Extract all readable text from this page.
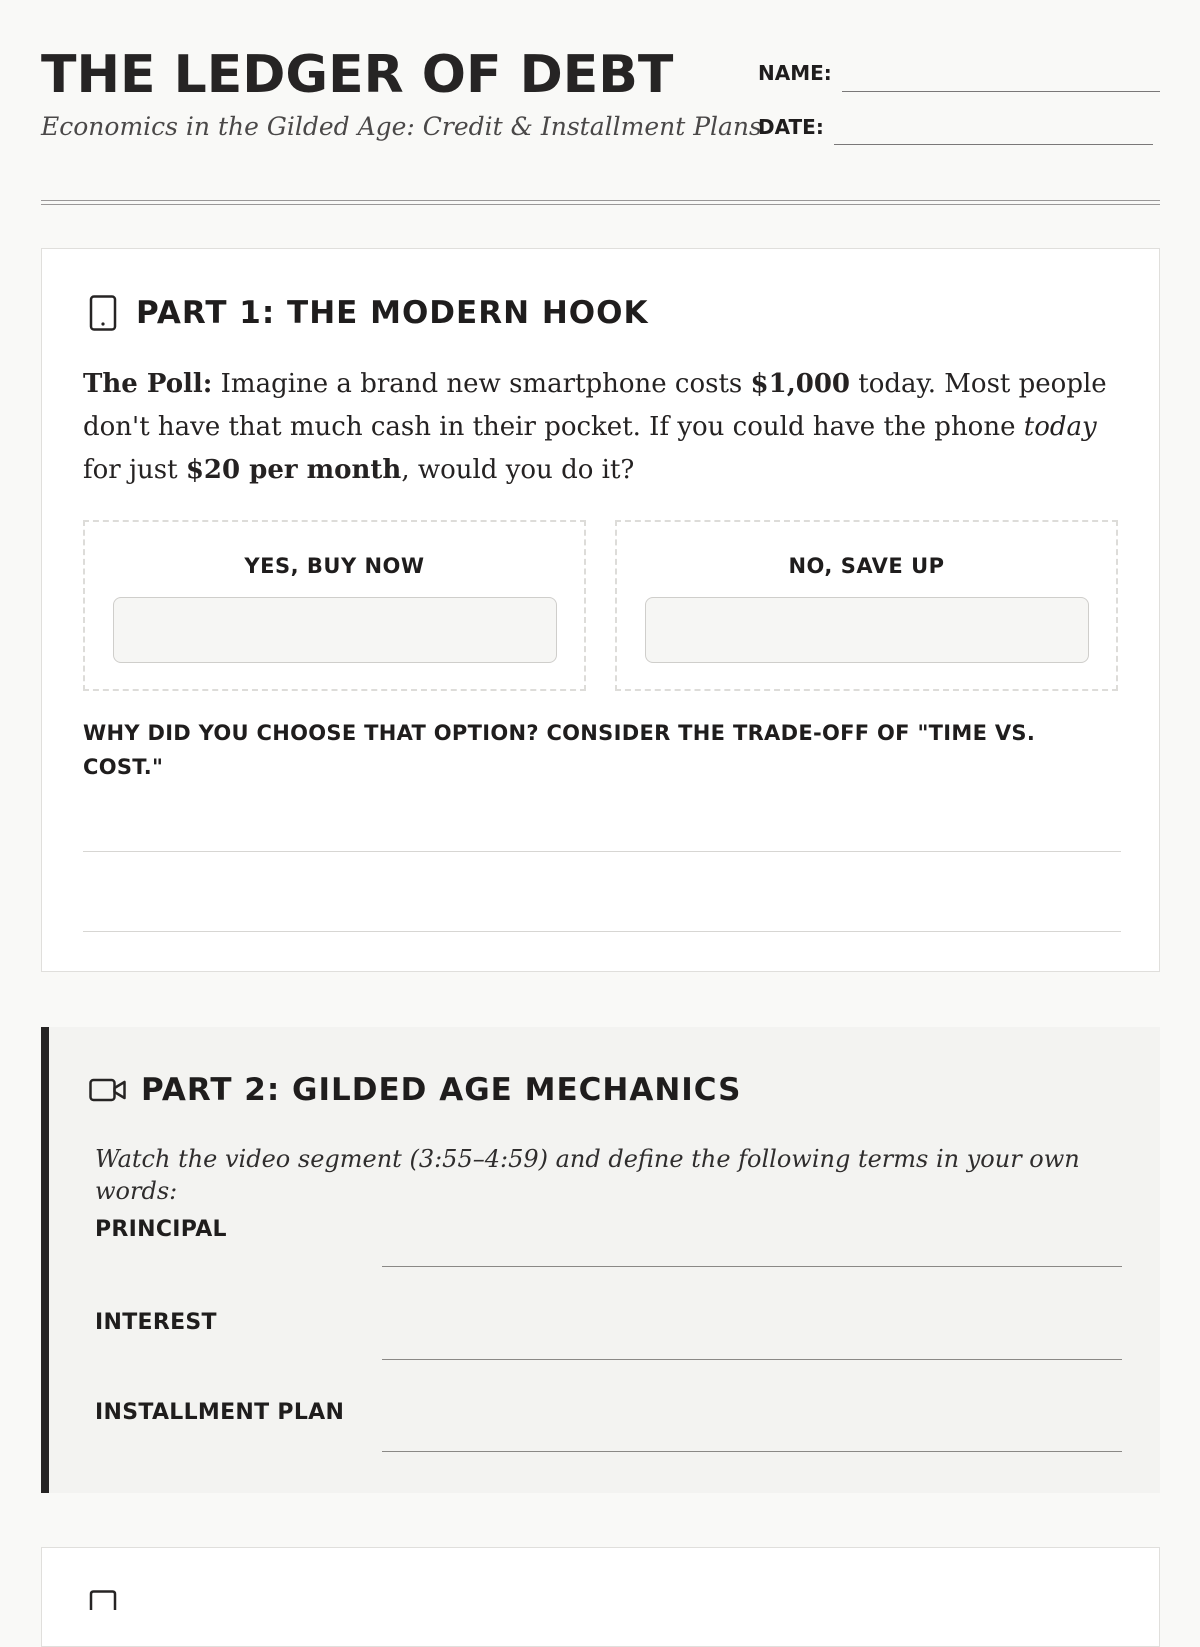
THE LEDGER OF DEBT

Economics in the Gilded Age: Credit & Installment Plans

NAME:
DATE:
PART 1: THE MODERN HOOK

The Poll: Imagine a brand new smartphone costs $1,000 today. Most people don't have that much cash in their pocket. If you could have the phone today for just $20 per month, would you do it?

YES, BUY NOW	NO, SAVE UP

WHY DID YOU CHOOSE THAT OPTION? CONSIDER THE TRADE-OFF OF "TIME VS. COST."

PART 2: GILDED AGE MECHANICS

Watch the video segment (3:55–4:59) and define the following terms in your own words:

PRINCIPAL
INTEREST
INSTALLMENT PLAN
